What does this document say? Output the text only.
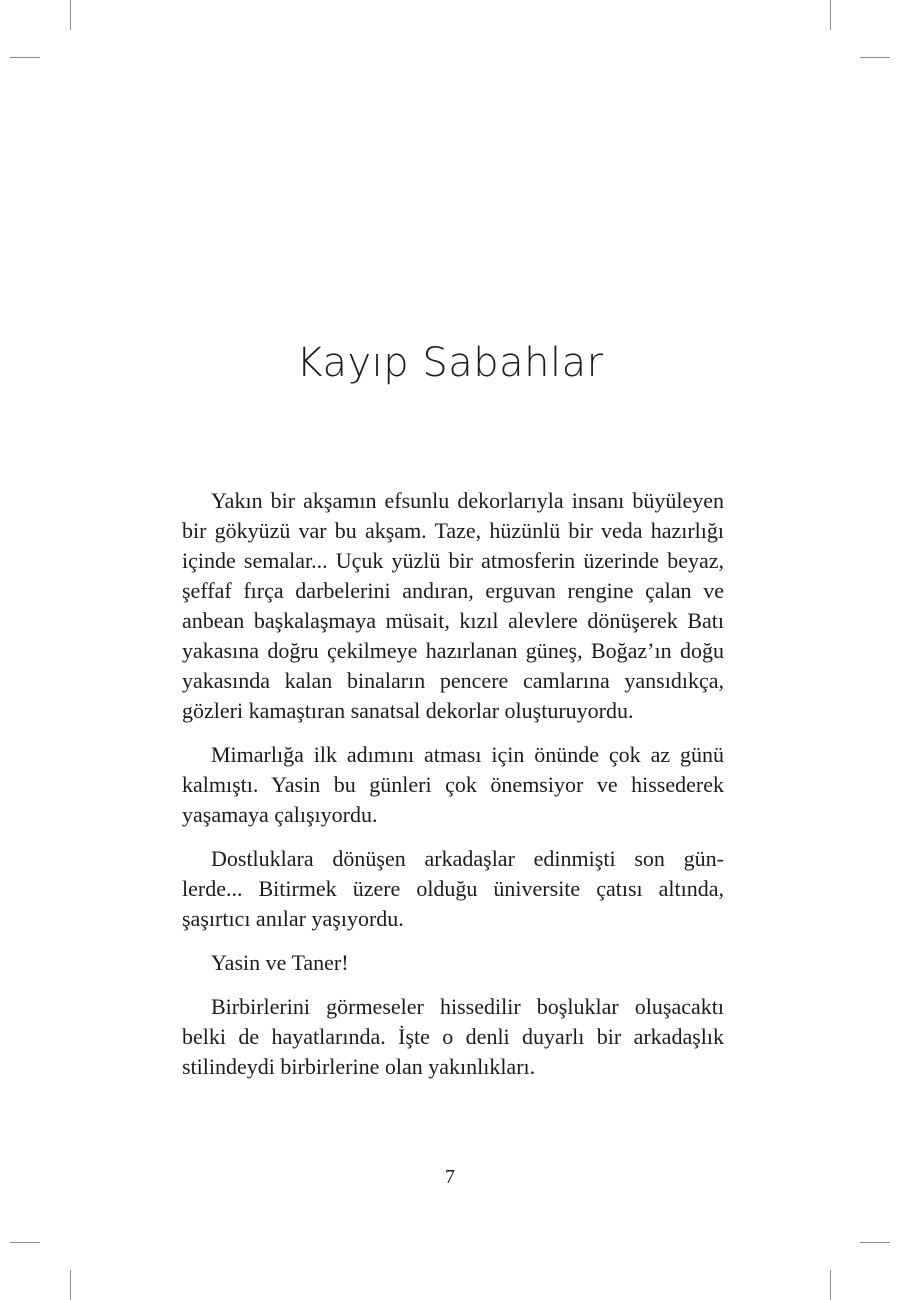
Kayıp Sabahlar

Yakın bir akşamın efsunlu dekorlarıyla insanı büyüleyen
bir gökyüzü var bu akşam. Taze, hüzünlü bir veda hazırlığı
içinde semalar... Uçuk yüzlü bir atmosferin üzerinde beyaz,
şeffaf fırça darbelerini andıran, erguvan rengine çalan ve
anbean başkalaşmaya müsait, kızıl alevlere dönüşerek Batı
yakasına doğru çekilmeye hazırlanan güneş, Boğaz’ın doğu
yakasında kalan binaların pencere camlarına yansıdıkça,
gözleri kamaştıran sanatsal dekorlar oluşturuyordu.

Mimarlığa ilk adımını atması için önünde çok az günü
kalmıştı. Yasin bu günleri çok önemsiyor ve hissederek
yaşamaya çalışıyordu.

Dostluklara dönüşen arkadaşlar edinmişti son gün-
lerde... Bitirmek üzere olduğu üniversite çatısı altında,
şaşırtıcı anılar yaşıyordu.

Yasin ve Taner!

Birbirlerini görmeseler hissedilir boşluklar oluşacaktı
belki de hayatlarında. İşte o denli duyarlı bir arkadaşlık
stilindeydi birbirlerine olan yakınlıkları.

7
